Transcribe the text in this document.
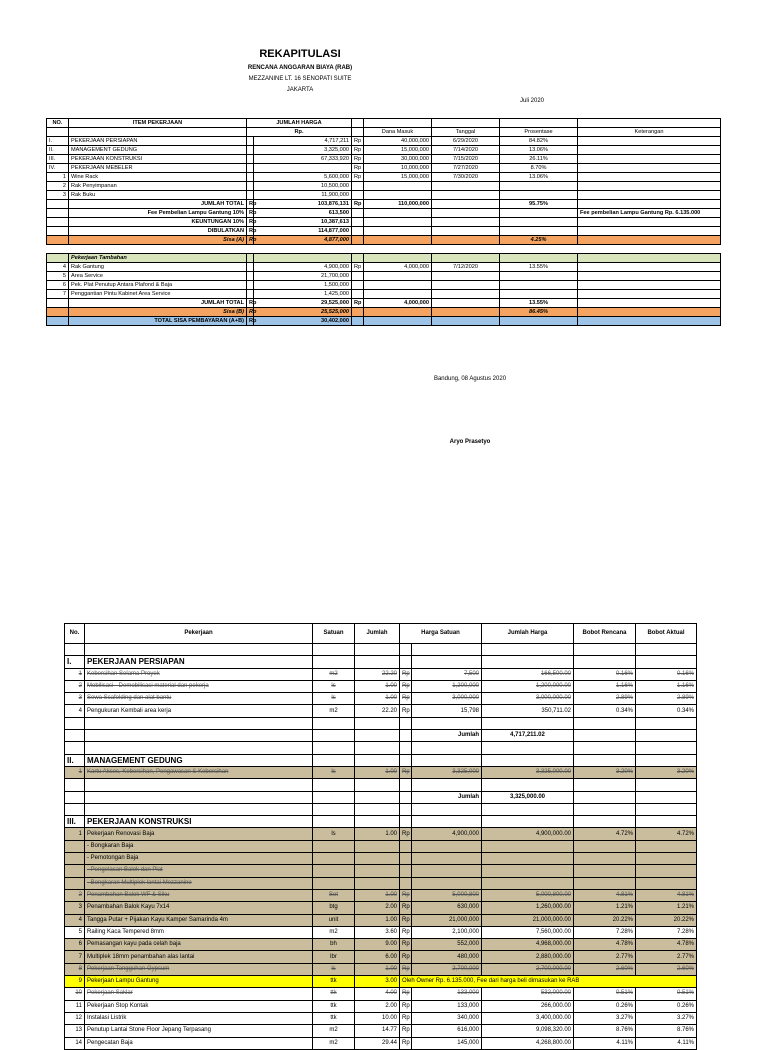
REKAPITULASI
RENCANA ANGGARAN BIAYA (RAB)
MEZZANINE LT. 16 SENOPATI SUITE
JAKARTA
Juli 2020
NO.	ITEM PEKERJAAN	JUMLAH HARGA						
		Rp.			Dana Masuk	Tanggal	Prosentase	Keterangan
I.	PEKERJAAN PERSIAPAN		4,717,211	Rp	40,000,000	6/29/2020	84.82%	
II.	MANAGEMENT GEDUNG		3,325,000	Rp	15,000,000	7/14/2020	13.06%	
III.	PEKERJAAN KONSTRUKSI		67,333,920	Rp	30,000,000	7/15/2020	26.11%	
IV.	PEKERJAAN MEBELER			Rp	10,000,000	7/27/2020	8.70%	
1	Wine Rack		5,600,000	Rp	15,000,000	7/30/2020	13.06%	
2	Rak Penyimpanan		10,500,000					
3	Rak Buku		11,900,000					
	JUMLAH TOTAL	Rp	103,876,131	Rp	110,000,000		95.75%	
	Fee Pembelian Lampu Gantung 10%	Rp	613,500					Fee pembelian Lampu Gantung Rp. 6.135.000
	KEUNTUNGAN 10%	Rp	10,387,613					
	DIBULATKAN	Rp	114,877,000					
	Sisa (A)	Rp	4,877,000				4.25%	

	Pekerjaan Tambahan							
4	Rak Gantung		4,900,000	Rp	4,000,000	7/12/2020	13.55%	
5	Area Service		21,700,000					
6	Pek. Plat Penutup Antara Plafond & Baja		1,500,000					
7	Penggantian Pintu Kabinet Area Service		1,425,000					
	JUMLAH TOTAL	Rp	29,525,000	Rp	4,000,000		13.55%	
	Sisa (B)	Rp	25,525,000				86.45%	
	TOTAL SISA PEMBAYARAN (A+B)	Rp	30,402,000					
Bandung, 08 Agustus 2020
Aryo Prasetyo
No.	Pekerjaan	Satuan	Jumlah	Harga Satuan		Jumlah Harga	Bobot Rencana	Bobot Aktual

I.	PEKERJAAN PERSIAPAN							
1	Kebersihan Selama Proyek	m2	22.20	Rp	7,500	166,500.00	0.16%	0.16%
2	Mobilisasi - Demobilisasi material dan pekerja	ls	1.00	Rp	1,200,000	1,200,000.00	1.16%	1.16%
3	Sewa Scafolding dan alat bantu	ls	1.00	Rp	3,000,000	3,000,000.00	2.89%	2.89%
4	Pengukuran Kembali area kerja	m2	22.20	Rp	15,798	350,711.02	0.34%	0.34%

					Jumlah	4,717,211.02		

II.	MANAGEMENT GEDUNG							
1	Kartu Akses, Kebersihan, Pengawasan & Kebersihan	ls	1.00	Rp	3,325,000	3,325,000.00	3.20%	3.20%

					Jumlah	3,325,000.00		

III.	PEKERJAAN KONSTRUKSI							
1	Pekerjaan Renovasi Baja	ls	1.00	Rp	4,900,000	4,900,000.00	4.72%	4.72%
	- Bongkaran Baja							
	- Pemotongan Baja							
	- Pengelasan Balok dan Plat							
	- Bongkaran Multiplek lantai Mezzanine							
2	Penambahan Balok WF & Siku	Set	1.00	Rp	5,000,800	5,000,800.00	4.81%	4.81%
3	Penambahan Balok Kayu 7x14	btg	2.00	Rp	630,000	1,260,000.00	1.21%	1.21%
4	Tangga Putar + Pijakan Kayu Kamper Samarinda 4m	unit	1.00	Rp	21,000,000	21,000,000.00	20.22%	20.22%
5	Railing Kaca Tempered 8mm	m2	3.60	Rp	2,100,000	7,560,000.00	7.28%	7.28%
6	Pemasangan kayu pada celah baja	bh	9.00	Rp	552,000	4,968,000.00	4.78%	4.78%
7	Multiplek 18mm penambahan alas lantai	lbr	6.00	Rp	480,000	2,880,000.00	2.77%	2.77%
8	Pekerjaan Tangguhan Gypsum	ls	1.00	Rp	2,700,000	2,700,000.00	2.60%	2.60%
9	Pekerjaan Lampu Gantung	ttk	3.00	Oleh Owner Rp. 6.135.000, Fee dari harga beli dimasukan ke RAB				
10	Pekerjaan Saklar	ttk	4.00	Rp	133,000	532,000.00	0.51%	0.51%
11	Pekerjaan Stop Kontak	ttk	2.00	Rp	133,000	266,000.00	0.26%	0.26%
12	Instalasi Listrik	ttk	10.00	Rp	340,000	3,400,000.00	3.27%	3.27%
13	Penutup Lantai Stone Floor Jepang Terpasang	m2	14.77	Rp	616,000	9,098,320.00	8.76%	8.76%
14	Pengecatan Baja	m2	29.44	Rp	145,000	4,268,800.00	4.11%	4.11%
